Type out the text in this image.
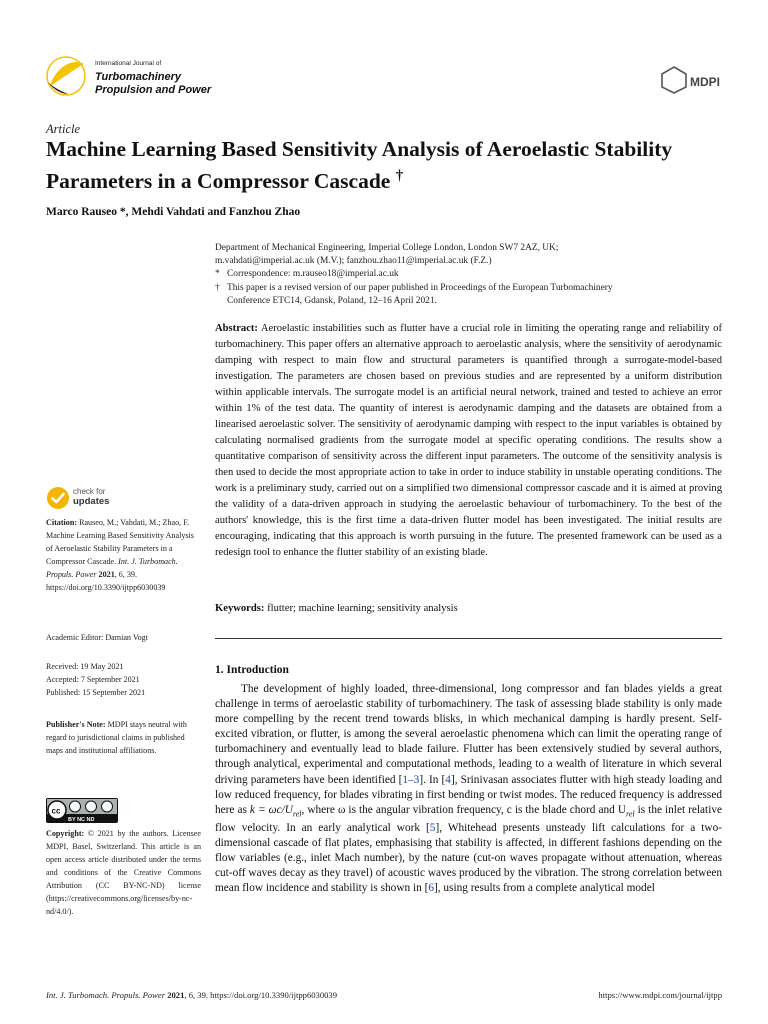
International Journal of
Turbomachinery
Propulsion and Power
MDPI
Article
Machine Learning Based Sensitivity Analysis of Aeroelastic Stability Parameters in a Compressor Cascade †
Marco Rauseo *, Mehdi Vahdati and Fanzhou Zhao
Department of Mechanical Engineering, Imperial College London, London SW7 2AZ, UK;
m.vahdati@imperial.ac.uk (M.V.); fanzhou.zhao11@imperial.ac.uk (F.Z.)
* Correspondence: m.rauseo18@imperial.ac.uk
† This paper is a revised version of our paper published in Proceedings of the European Turbomachinery
Conference ETC14, Gdansk, Poland, 12–16 April 2021.
Abstract: Aeroelastic instabilities such as flutter have a crucial role in limiting the operating range and reliability of turbomachinery. This paper offers an alternative approach to aeroelastic analysis, where the sensitivity of aerodynamic damping with respect to main flow and structural parameters is quantified through a surrogate-model-based investigation. The parameters are chosen based on previous studies and are represented by a uniform distribution within applicable intervals. The surrogate model is an artificial neural network, trained and tested to achieve an error within 1% of the test data. The quantity of interest is aerodynamic damping and the datasets are obtained from a linearised aeroelastic solver. The sensitivity of aerodynamic damping with respect to the input variables is obtained by calculating normalised gradients from the surrogate model at specific operating conditions. The results show a quantitative comparison of sensitivity across the different input parameters. The outcome of the sensitivity analysis is then used to decide the most appropriate action to take in order to induce stability in unstable operating conditions. The work is a preliminary study, carried out on a simplified two dimensional compressor cascade and it is aimed at proving the validity of a data-driven approach in studying the aeroelastic behaviour of turbomachinery. To the best of the authors' knowledge, this is the first time a data-driven flutter model has been investigated. The initial results are encouraging, indicating that this approach is worth pursuing in the future. The presented framework can be used as a redesign tool to enhance the flutter stability of an existing blade.
Keywords: flutter; machine learning; sensitivity analysis
check for
updates
Citation: Rauseo, M.; Vahdati, M.; Zhao, F. Machine Learning Based Sensitivity Analysis of Aeroelastic Stability Parameters in a Compressor Cascade. Int. J. Turbomach. Propuls. Power 2021, 6, 39. https://doi.org/10.3390/ijtpp6030039
Academic Editor: Damian Vogt
Received: 19 May 2021
Accepted: 7 September 2021
Published: 15 September 2021
Publisher's Note: MDPI stays neutral with regard to jurisdictional claims in published maps and institutional affiliations.
cc
BY NC ND
Copyright: © 2021 by the authors. Licensee MDPI, Basel, Switzerland. This article is an open access article distributed under the terms and conditions of the Creative Commons Attribution (CC BY-NC-ND) license (https://creativecommons.org/licenses/by-nc-nd/4.0/).
1. Introduction
The development of highly loaded, three-dimensional, long compressor and fan blades yields a great challenge in terms of aeroelastic stability of turbomachinery. The task of assessing blade stability is only made more compelling by the recent trend towards blisks, in which mechanical damping is hardly present. Self-excited vibration, or flutter, is among the several aeroelastic phenomena which can limit the operating range of turbomachinery and eventually lead to blade failure. Flutter has been extensively studied by several authors, through analytical, experimental and computational methods, leading to a wealth of literature in which several driving parameters have been identified [1–3]. In [4], Srinivasan associates flutter with high steady loading and low reduced frequency, for blades vibrating in first bending or twist modes. The reduced frequency is addressed here as $k = \omega c/U_{rel}$, where ω is the angular vibration frequency, c is the blade chord and $U_{rel}$ is the inlet relative flow velocity. In an early analytical work [5], Whitehead presents unsteady lift calculations for a two-dimensional cascade of flat plates, emphasising that stability is affected, in different fashions depending on the flow variables (e.g., inlet Mach number), by the nature (cut-on waves propagate without attenuation, whereas cut-off waves decay as they travel) of acoustic waves produced by the vibration. The strong correlation between mean flow incidence and stability is shown in [6], using results from a complete analytical model
Int. J. Turbomach. Propuls. Power 2021, 6, 39. https://doi.org/10.3390/ijtpp6030039	https://www.mdpi.com/journal/ijtpp
